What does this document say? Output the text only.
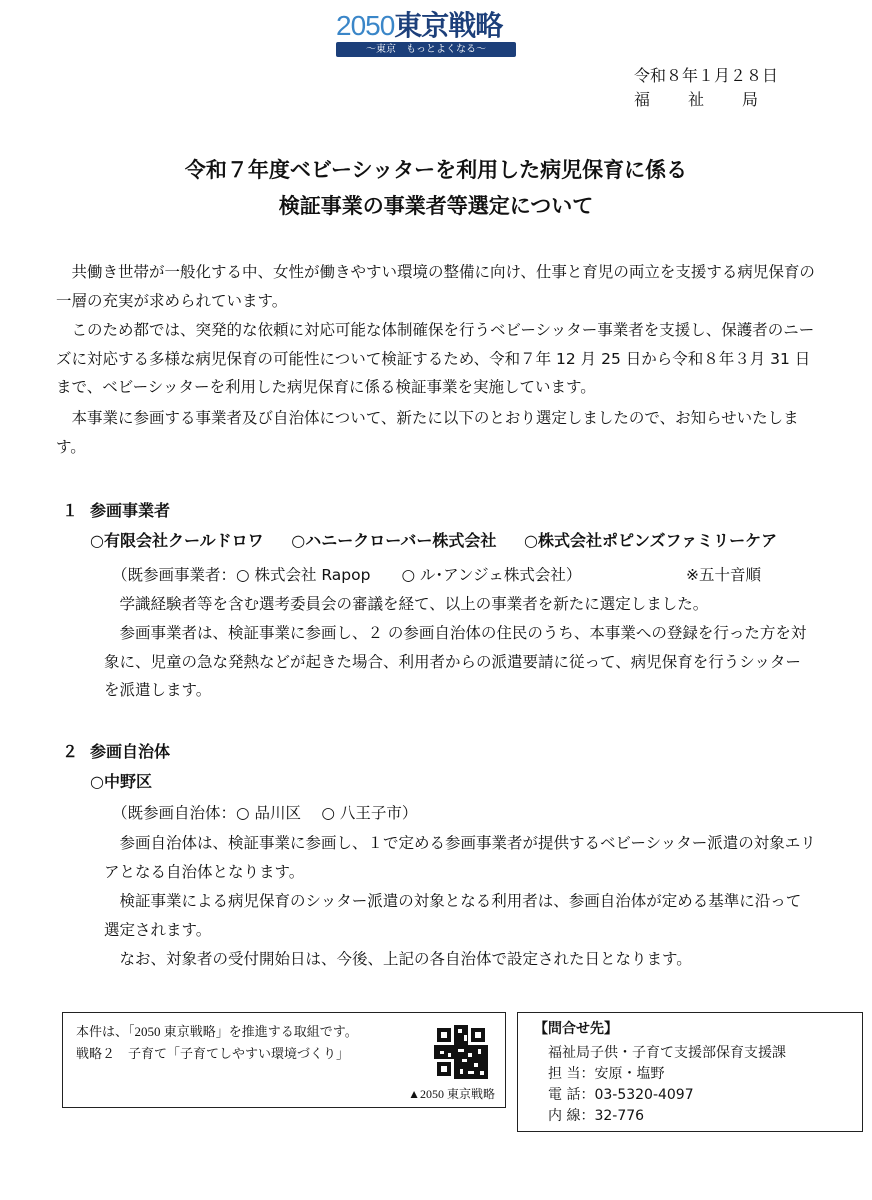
2050東京戦略
～東京　もっとよくなる～
令和８年１月２８日
福　　祉　　局
令和７年度ベビーシッターを利用した病児保育に係る
検証事業の事業者等選定について
共働き世帯が一般化する中、女性が働きやすい環境の整備に向け、仕事と育児の両立を支援する病児保育の一層の充実が求められています。
このため都では、突発的な依頼に対応可能な体制確保を行うベビーシッター事業者を支援し、保護者のニーズに対応する多様な病児保育の可能性について検証するため、令和７年 12 月 25 日から令和８年３月 31 日まで、ベビーシッターを利用した病児保育に係る検証事業を実施しています。
本事業に参画する事業者及び自治体について、新たに以下のとおり選定しましたので、お知らせいたします。
１ 参画事業者
○有限会社クールドロワ ○ハニークローバー株式会社 ○株式会社ポピンズファミリーケア
（既参画事業者：○ 株式会社 Rapop　　○ ル･アンジェ株式会社）	※五十音順
学識経験者等を含む選考委員会の審議を経て、以上の事業者を新たに選定しました。
参画事業者は、検証事業に参画し、２ の参画自治体の住民のうち、本事業への登録を行った方を対象に、児童の急な発熱などが起きた場合、利用者からの派遣要請に従って、病児保育を行うシッターを派遣します。
２ 参画自治体
○中野区
（既参画自治体：○ 品川区　 ○ 八王子市）
参画自治体は、検証事業に参画し、１で定める参画事業者が提供するベビーシッター派遣の対象エリアとなる自治体となります。
検証事業による病児保育のシッター派遣の対象となる利用者は、参画自治体が定める基準に沿って選定されます。
なお、対象者の受付開始日は、今後、上記の各自治体で設定された日となります。
本件は、「2050 東京戦略」を推進する取組です。
戦略２　子育て「子育てしやすい環境づくり」
▲2050 東京戦略
【問合せ先】
福祉局子供・子育て支援部保育支援課
担 当：安原・塩野
電 話：03-5320-4097
内 線：32-776
